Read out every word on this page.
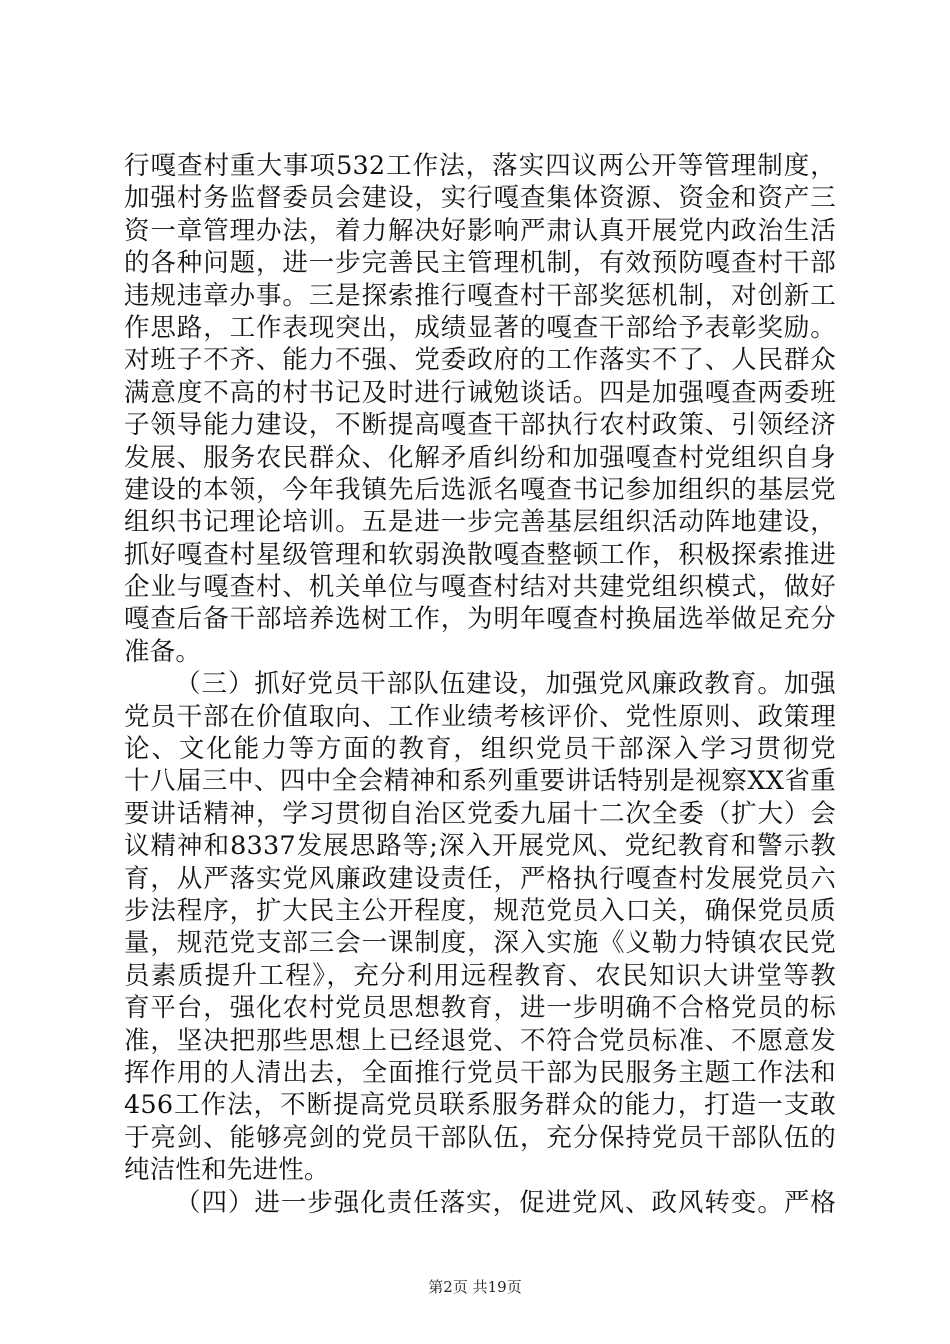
行嘎查村重大事项532工作法，落实四议两公开等管理制度，
加强村务监督委员会建设，实行嘎查集体资源、资金和资产三
资一章管理办法，着力解决好影响严肃认真开展党内政治生活
的各种问题，进一步完善民主管理机制，有效预防嘎查村干部
违规违章办事。三是探索推行嘎查村干部奖惩机制，对创新工
作思路，工作表现突出，成绩显著的嘎查干部给予表彰奖励。
对班子不齐、能力不强、党委政府的工作落实不了、人民群众
满意度不高的村书记及时进行诫勉谈话。四是加强嘎查两委班
子领导能力建设，不断提高嘎查干部执行农村政策、引领经济
发展、服务农民群众、化解矛盾纠纷和加强嘎查村党组织自身
建设的本领，今年我镇先后选派名嘎查书记参加组织的基层党
组织书记理论培训。五是进一步完善基层组织活动阵地建设，
抓好嘎查村星级管理和软弱涣散嘎查整顿工作，积极探索推进
企业与嘎查村、机关单位与嘎查村结对共建党组织模式，做好
嘎查后备干部培养选树工作，为明年嘎查村换届选举做足充分
准备。
（三）抓好党员干部队伍建设，加强党风廉政教育。加强
党员干部在价值取向、工作业绩考核评价、党性原则、政策理
论、文化能力等方面的教育，组织党员干部深入学习贯彻党
十八届三中、四中全会精神和系列重要讲话特别是视察XX省重
要讲话精神，学习贯彻自治区党委九届十二次全委（扩大）会
议精神和8337发展思路等;深入开展党风、党纪教育和警示教
育，从严落实党风廉政建设责任，严格执行嘎查村发展党员六
步法程序，扩大民主公开程度，规范党员入口关，确保党员质
量，规范党支部三会一课制度，深入实施《义勒力特镇农民党
员素质提升工程》，充分利用远程教育、农民知识大讲堂等教
育平台，强化农村党员思想教育，进一步明确不合格党员的标
准，坚决把那些思想上已经退党、不符合党员标准、不愿意发
挥作用的人清出去，全面推行党员干部为民服务主题工作法和
456工作法，不断提高党员联系服务群众的能力，打造一支敢
于亮剑、能够亮剑的党员干部队伍，充分保持党员干部队伍的
纯洁性和先进性。
（四）进一步强化责任落实，促进党风、政风转变。严格
第2页 共19页
